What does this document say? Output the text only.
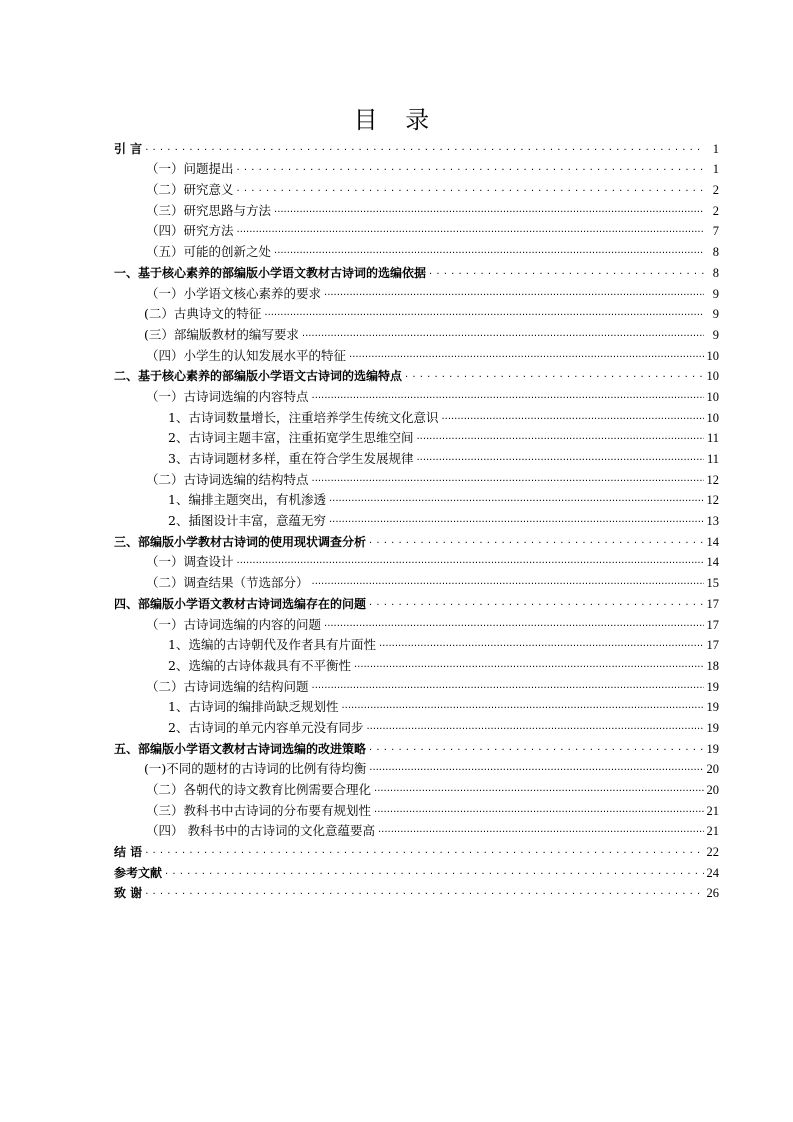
目 录
引 言 . . .	1
（一）问题提出 . . .	1
（二）研究意义 . . .	2
（三）研究思路与方法 .....	2
（四）研究方法 .....	7
（五）可能的创新之处 .....	8
一、基于核心素养的部编版小学语文教材古诗词的选编依据 . . .	8
（一）小学语文核心素养的要求 .....	9
(二）古典诗文的特征 .....	9
(三）部编版教材的编写要求 .....	9
（四）小学生的认知发展水平的特征 .....	10
二、基于核心素养的部编版小学语文古诗词的选编特点 . . .	10
（一）古诗词选编的内容特点 .....	10
1、古诗词数量增长，注重培养学生传统文化意识 .....	10
2、古诗词主题丰富，注重拓宽学生思维空间 .....	11
3、古诗词题材多样，重在符合学生发展规律 .....	11
（二）古诗词选编的结构特点 .....	12
1、编排主题突出，有机渗透 .....	12
2、插图设计丰富，意蕴无穷 .....	13
三、部编版小学教材古诗词的使用现状调查分析 . . .	14
（一）调查设计 .....	14
（二）调查结果（节选部分） .....	15
四、部编版小学语文教材古诗词选编存在的问题 . . .	17
（一）古诗词选编的内容的问题 .....	17
1、选编的古诗朝代及作者具有片面性 .....	17
2、选编的古诗体裁具有不平衡性 .....	18
（二）古诗词选编的结构问题 .....	19
1、古诗词的编排尚缺乏规划性 .....	19
2、古诗词的单元内容单元没有同步 .....	19
五、部编版小学语文教材古诗词选编的改进策略 . . .	19
(一)不同的题材的古诗词的比例有待均衡 .....	20
（二）各朝代的诗文教育比例需要合理化 .....	20
（三）教科书中古诗词的分布要有规划性 .....	21
（四） 教科书中的古诗词的文化意蕴要高 .....	21
结 语 . . .	22
参考文献 . . .	24
致 谢 . . .	26
